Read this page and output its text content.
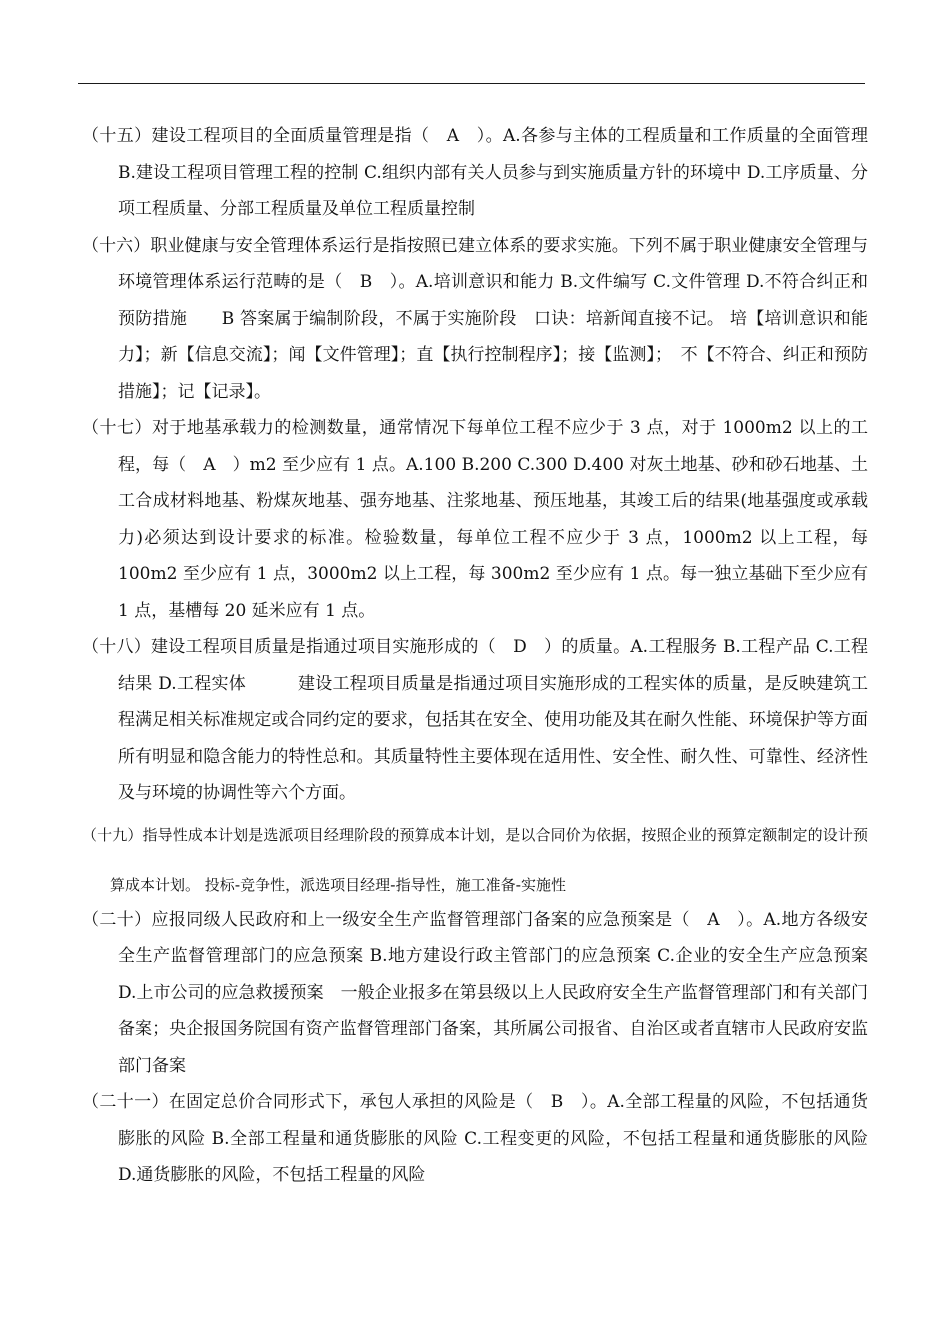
（十五）建设工程项目的全面质量管理是指（　A　）。A.各参与主体的工程质量和工作质量的全面管理 B.建设工程项目管理工程的控制 C.组织内部有关人员参与到实施质量方针的环境中 D.工序质量、分项工程质量、分部工程质量及单位工程质量控制

（十六）职业健康与安全管理体系运行是指按照已建立体系的要求实施。下列不属于职业健康安全管理与环境管理体系运行范畴的是（　B　）。A.培训意识和能力 B.文件编写 C.文件管理 D.不符合纠正和预防措施　　B 答案属于编制阶段，不属于实施阶段　口诀：培新闻直接不记。 培【培训意识和能力】；新【信息交流】；闻【文件管理】；直【执行控制程序】；接【监测】；　不【不符合、纠正和预防措施】；记【记录】。

（十七）对于地基承载力的检测数量，通常情况下每单位工程不应少于 3 点，对于 1000m2 以上的工程，每（　A　）m2 至少应有 1 点。A.100 B.200 C.300 D.400 对灰土地基、砂和砂石地基、土工合成材料地基、粉煤灰地基、强夯地基、注浆地基、预压地基，其竣工后的结果(地基强度或承载力)必须达到设计要求的标准。检验数量，每单位工程不应少于 3 点，1000m2 以上工程，每 100m2 至少应有 1 点，3000m2 以上工程，每 300m2 至少应有 1 点。每一独立基础下至少应有 1 点，基槽每 20 延米应有 1 点。

（十八）建设工程项目质量是指通过项目实施形成的（　D　）的质量。A.工程服务 B.工程产品 C.工程结果 D.工程实体　　　建设工程项目质量是指通过项目实施形成的工程实体的质量，是反映建筑工程满足相关标准规定或合同约定的要求，包括其在安全、使用功能及其在耐久性能、环境保护等方面所有明显和隐含能力的特性总和。其质量特性主要体现在适用性、安全性、耐久性、可靠性、经济性及与环境的协调性等六个方面。

（十九）指导性成本计划是选派项目经理阶段的预算成本计划，是以合同价为依据，按照企业的预算定额制定的设计预算成本计划。 投标-竞争性，派选项目经理-指导性，施工准备-实施性

（二十）应报同级人民政府和上一级安全生产监督管理部门备案的应急预案是（　A　）。A.地方各级安全生产监督管理部门的应急预案 B.地方建设行政主管部门的应急预案 C.企业的安全生产应急预案 D.上市公司的应急救援预案　一般企业报多在第县级以上人民政府安全生产监督管理部门和有关部门备案；央企报国务院国有资产监督管理部门备案，其所属公司报省、自治区或者直辖市人民政府安监部门备案

（二十一）在固定总价合同形式下，承包人承担的风险是（　B　）。A.全部工程量的风险，不包括通货膨胀的风险 B.全部工程量和通货膨胀的风险 C.工程变更的风险，不包括工程量和通货膨胀的风险 D.通货膨胀的风险，不包括工程量的风险
